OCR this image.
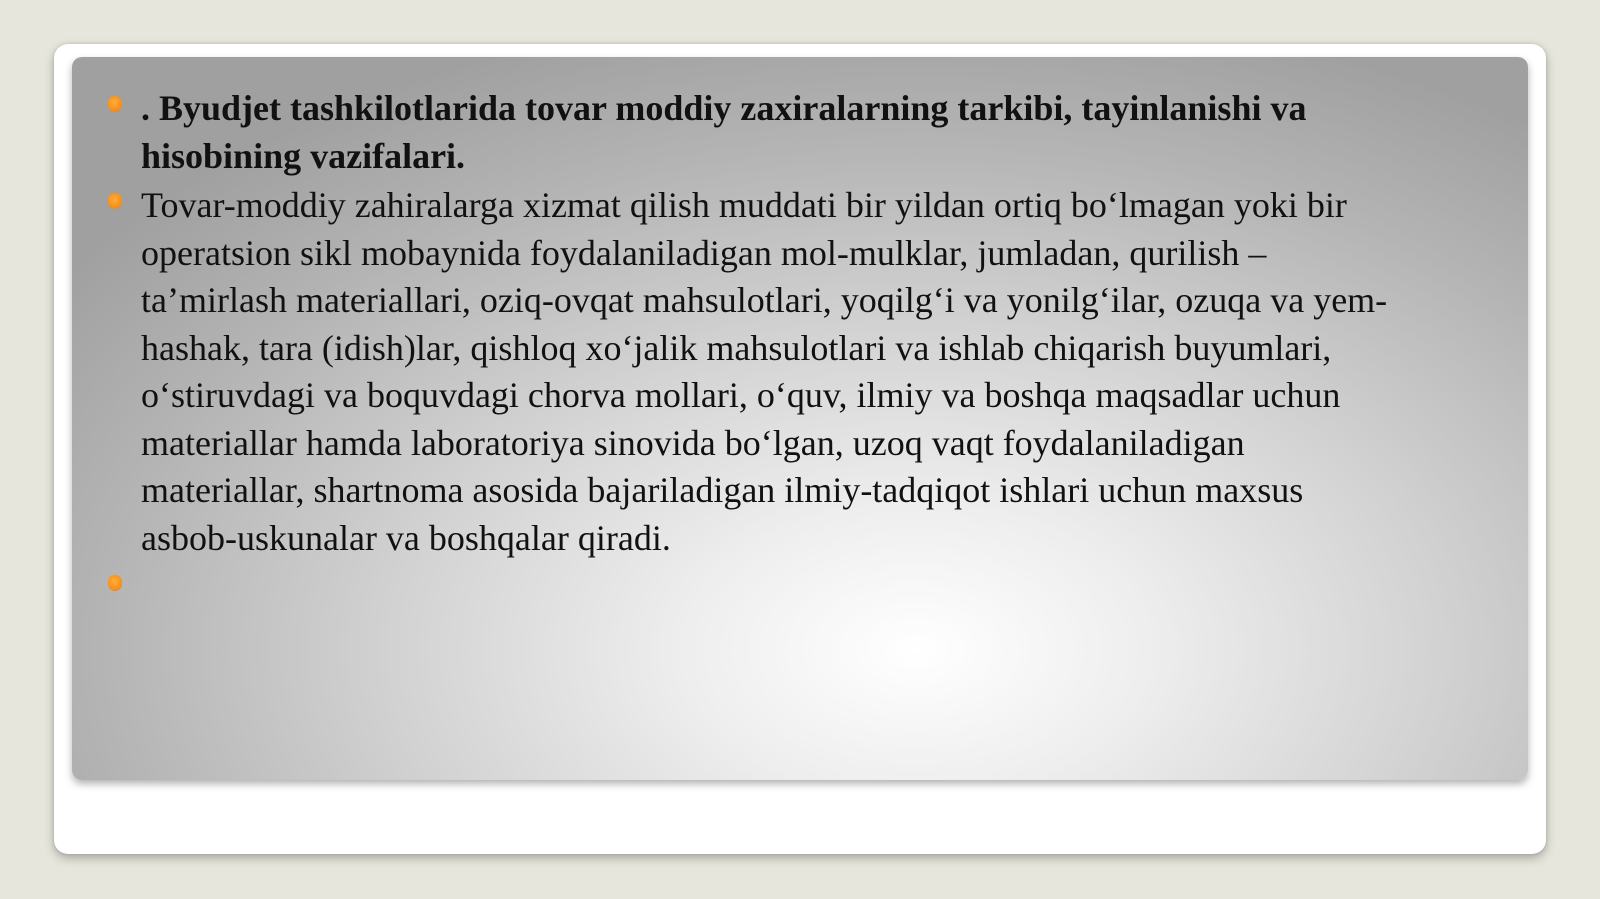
. Byudjet tashkilotlarida tovar moddiy zaxiralarning tarkibi, tayinlanishi va hisobining vazifalari.
Tovar-moddiy zahiralarga xizmat qilish muddati bir yildan ortiq bo‘lmagan yoki bir operatsion sikl mobaynida foydalaniladigan mol-mulklar, jumladan, qurilish – ta’mirlash materiallari, oziq-ovqat mahsulotlari, yoqilg‘i va yonilg‘ilar, ozuqa va yem-hashak, tara (idish)lar, qishloq xo‘jalik mahsulotlari va ishlab chiqarish buyumlari, o‘stiruvdagi va boquvdagi chorva mollari, o‘quv, ilmiy va boshqa maqsadlar uchun materiallar hamda laboratoriya sinovida bo‘lgan, uzoq vaqt foydalaniladigan materiallar, shartnoma asosida bajariladigan ilmiy-tadqiqot ishlari uchun maxsus asbob-uskunalar va boshqalar qiradi.
